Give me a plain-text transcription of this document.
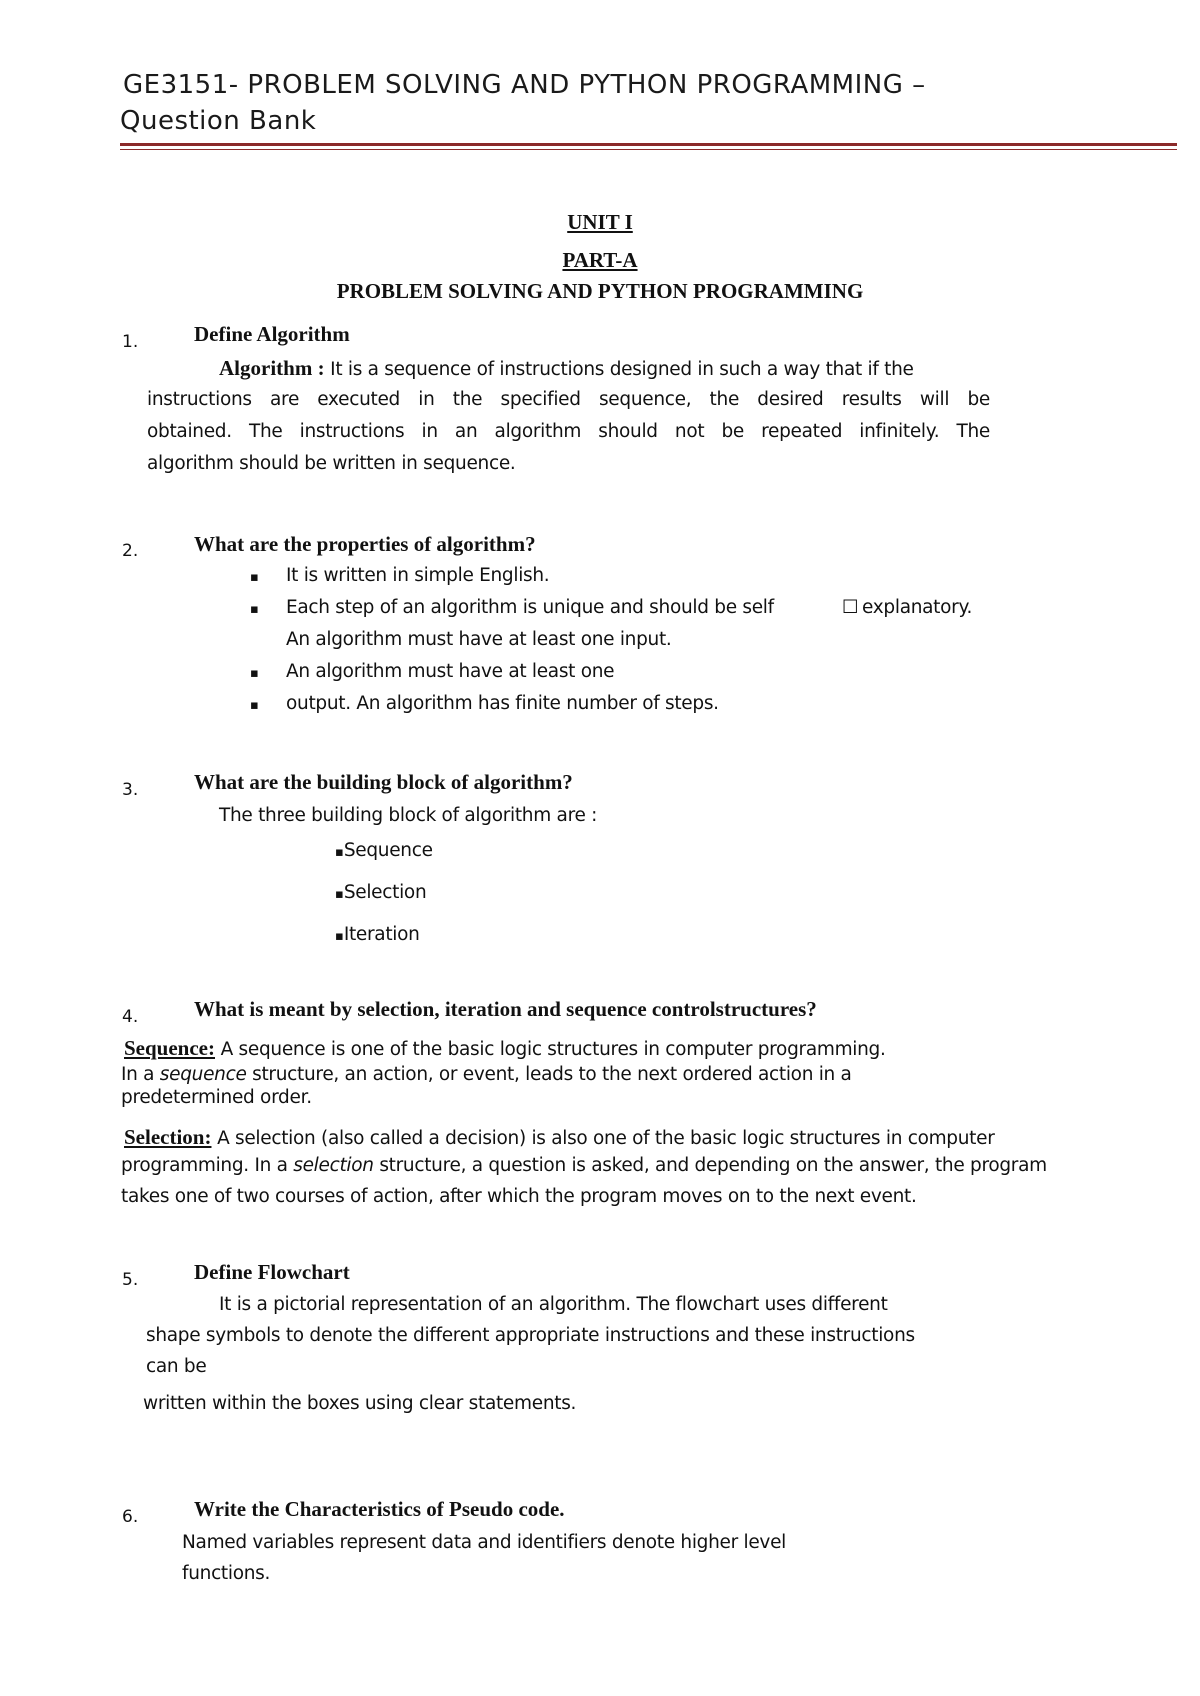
GE3151- PROBLEM SOLVING AND PYTHON PROGRAMMING –
Question Bank
UNIT I
PART-A
PROBLEM SOLVING AND PYTHON PROGRAMMING
1.	Define Algorithm
Algorithm : It is a sequence of instructions designed in such a way that if the
instructions are executed in the specified sequence, the desired results will be
obtained. The instructions in an algorithm should not be repeated infinitely. The
algorithm should be written in sequence.
2.	What are the properties of algorithm?
▪ It is written in simple English.
▪ Each step of an algorithm is unique and should be self	☐ explanatory.
An algorithm must have at least one input.
▪ An algorithm must have at least one
▪ output. An algorithm has finite number of steps.
3.	What are the building block of algorithm?
The three building block of algorithm are :
▪Sequence
▪Selection
▪Iteration
4.	What is meant by selection, iteration and sequence controlstructures?
Sequence: A sequence is one of the basic logic structures in computer programming.
In a sequence structure, an action, or event, leads to the next ordered action in a
predetermined order.
Selection: A selection (also called a decision) is also one of the basic logic structures in computer
programming. In a selection structure, a question is asked, and depending on the answer, the program
takes one of two courses of action, after which the program moves on to the next event.
5.	Define Flowchart
It is a pictorial representation of an algorithm. The flowchart uses different
shape symbols to denote the different appropriate instructions and these instructions
can be
written within the boxes using clear statements.
6.	Write the Characteristics of Pseudo code.
Named variables represent data and identifiers denote higher level
functions.
